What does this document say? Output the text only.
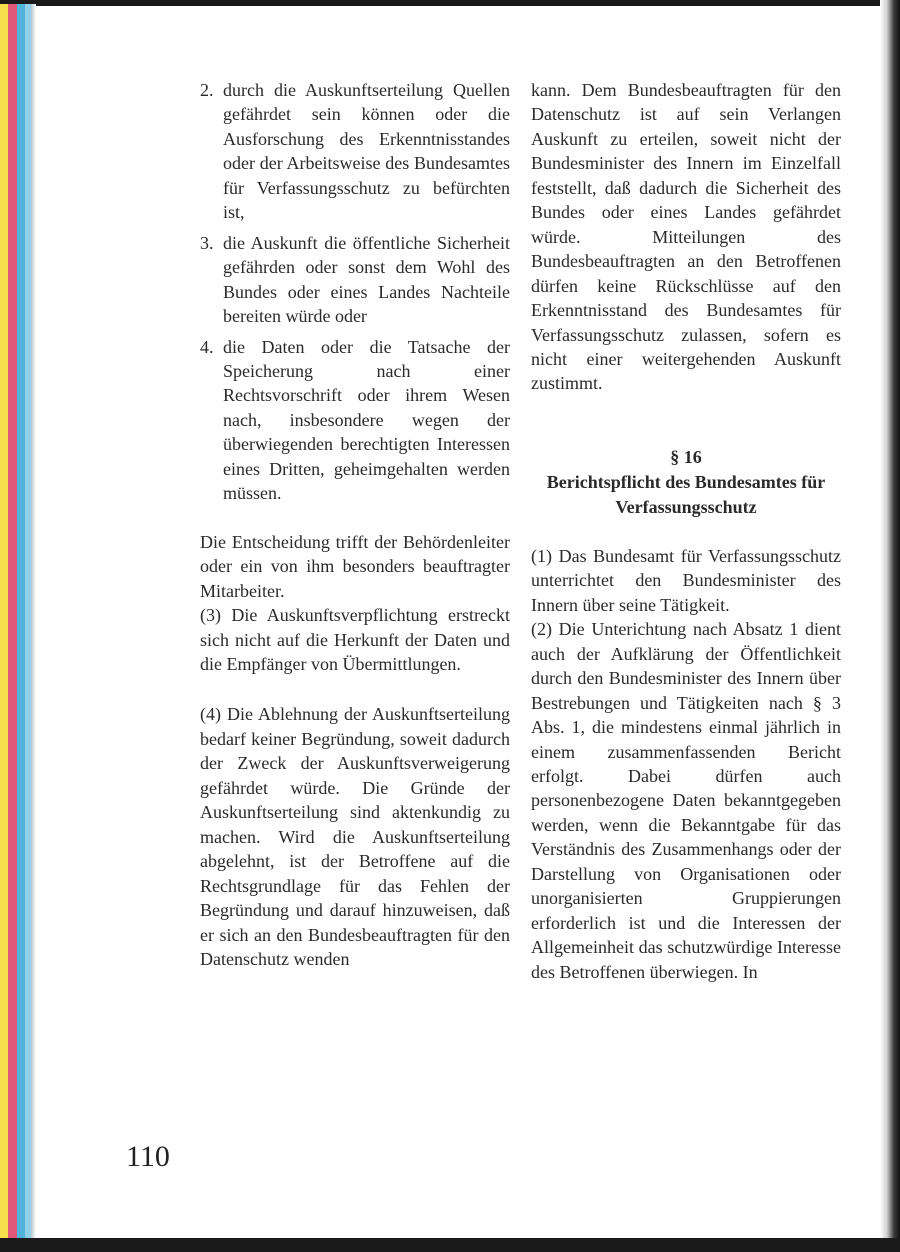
110
2. durch die Auskunftserteilung Quellen gefährdet sein können oder die Ausforschung des Erkenntnisstandes oder der Arbeitsweise des Bundesamtes für Verfassungsschutz zu befürchten ist,
3. die Auskunft die öffentliche Sicherheit gefährden oder sonst dem Wohl des Bundes oder eines Landes Nachteile bereiten würde oder
4. die Daten oder die Tatsache der Speicherung nach einer Rechtsvorschrift oder ihrem Wesen nach, insbesondere wegen der überwiegenden berechtigten Interessen eines Dritten, geheimgehalten werden müssen.

Die Entscheidung trifft der Behördenleiter oder ein von ihm besonders beauftragter Mitarbeiter.

(3) Die Auskunftsverpflichtung erstreckt sich nicht auf die Herkunft der Daten und die Empfänger von Übermittlungen.

(4) Die Ablehnung der Auskunftserteilung bedarf keiner Begründung, soweit dadurch der Zweck der Auskunftsverweigerung gefährdet würde. Die Gründe der Auskunftserteilung sind aktenkundig zu machen. Wird die Auskunftserteilung abgelehnt, ist der Betroffene auf die Rechtsgrundlage für das Fehlen der Begründung und darauf hinzuweisen, daß er sich an den Bundesbeauftragten für den Datenschutz wenden

kann. Dem Bundesbeauftragten für den Datenschutz ist auf sein Verlangen Auskunft zu erteilen, soweit nicht der Bundesminister des Innern im Einzelfall feststellt, daß dadurch die Sicherheit des Bundes oder eines Landes gefährdet würde. Mitteilungen des Bundesbeauftragten an den Betroffenen dürfen keine Rückschlüsse auf den Erkenntnisstand des Bundesamtes für Verfassungsschutz zulassen, sofern es nicht einer weitergehenden Auskunft zustimmt.

§ 16
Berichtspflicht des Bundesamtes für Verfassungsschutz

(1) Das Bundesamt für Verfassungsschutz unterrichtet den Bundesminister des Innern über seine Tätigkeit.

(2) Die Unterichtung nach Absatz 1 dient auch der Aufklärung der Öffentlichkeit durch den Bundesminister des Innern über Bestrebungen und Tätigkeiten nach § 3 Abs. 1, die mindestens einmal jährlich in einem zusammenfassenden Bericht erfolgt. Dabei dürfen auch personenbezogene Daten bekanntgegeben werden, wenn die Bekanntgabe für das Verständnis des Zusammenhangs oder der Darstellung von Organisationen oder unorganisierten Gruppierungen erforderlich ist und die Interessen der Allgemeinheit das schutzwürdige Interesse des Betroffenen überwiegen. In
